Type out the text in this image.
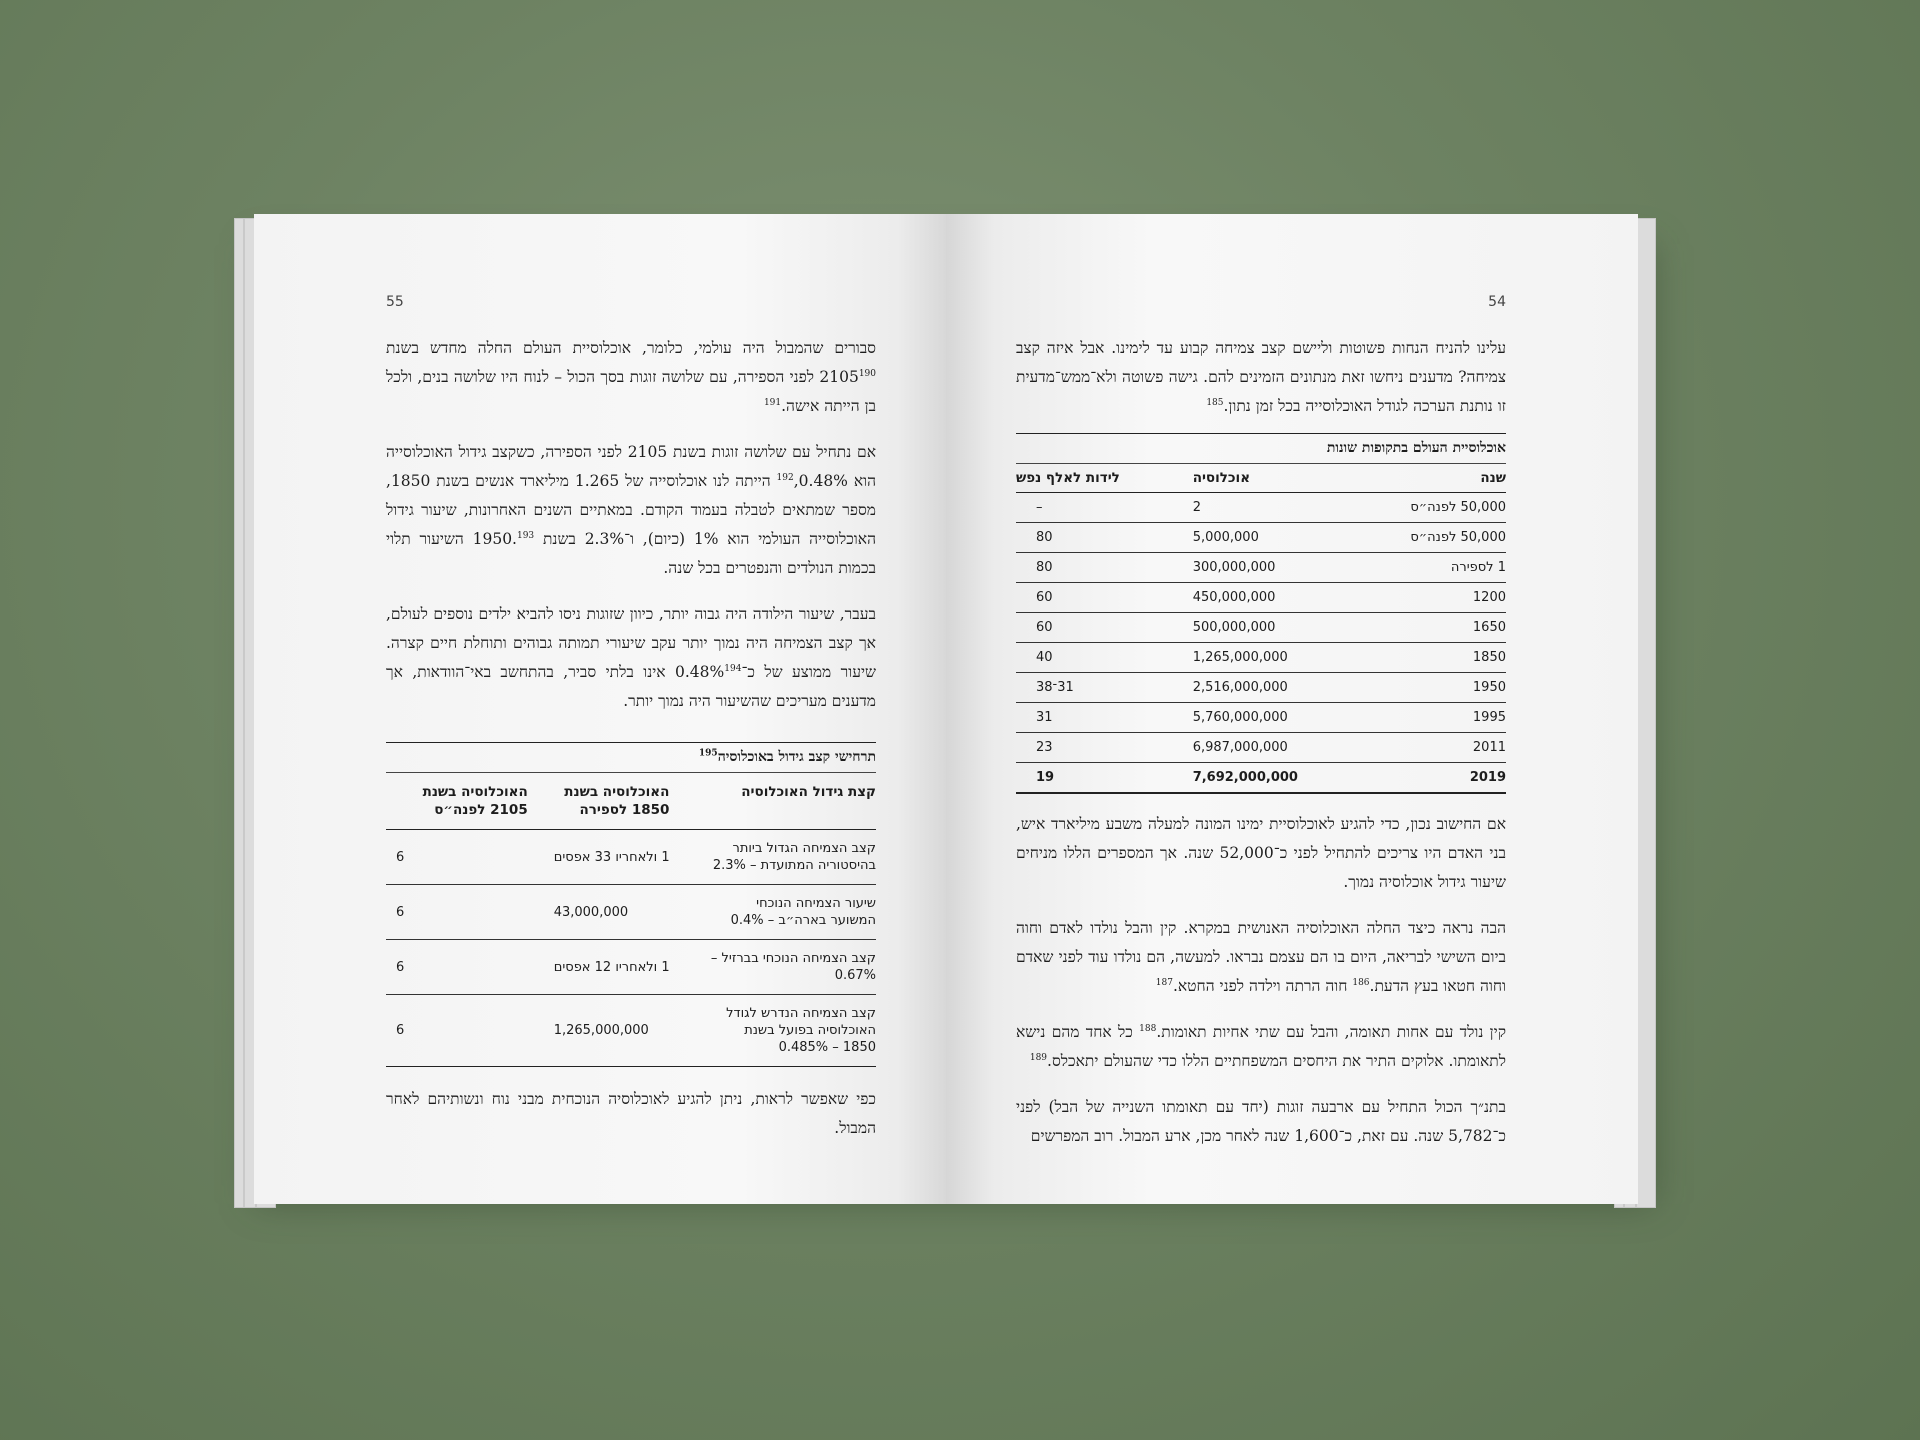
55

סבורים שהמבול היה עולמי, כלומר, אוכלוסיית העולם החלה מחדש בשנת 2105$^{190}$ לפני הספירה, עם שלושה זוגות בסך הכול – לנוח היו שלושה בנים, ולכל בן הייתה אישה.$^{191}$

אם נתחיל עם שלושה זוגות בשנת 2105 לפני הספירה, כשקצב גידול האוכלוסייה הוא 0.48%,$^{192}$ הייתה לנו אוכלוסייה של 1.265 מיליארד אנשים בשנת 1850, מספר שמתאים לטבלה בעמוד הקודם. במאתיים השנים האחרונות, שיעור גידול האוכלוסייה העולמי הוא 1% (כיום), ו־2.3% בשנת 1950.$^{193}$ השיעור תלוי בכמות הנולדים והנפטרים בכל שנה.

בעבר, שיעור הילודה היה גבוה יותר, כיוון שזוגות ניסו להביא ילדים נוספים לעולם, אך קצב הצמיחה היה נמוך יותר עקב שיעורי תמותה גבוהים ותוחלת חיים קצרה. שיעור ממוצע של כ־0.48%$^{194}$ אינו בלתי סביר, בהתחשב באי־הוודאות, אך מדענים מעריכים שהשיעור היה נמוך יותר.

תרחישי קצב גידול באוכלוסיה$^{195}$
קצת גידול האוכלוסיה	האוכלוסיה בשנת 1850 לספירה	האוכלוסיה בשנת 2105 לפנה״ס
קצב הצמיחה הגדול ביותר בהיסטוריה המתועדת – 2.3%	1 ולאחריו 33 אפסים	6
שיעור הצמיחה הנוכחי המשוער בארה״ב – 0.4%	43,000,000	6
קצב הצמיחה הנוכחי בברזיל – 0.67%	1 ולאחריו 12 אפסים	6
קצב הצמיחה הנדרש לגודל האוכלוסיה בפועל בשנת 1850 – 0.485%	1,265,000,000	6

כפי שאפשר לראות, ניתן להגיע לאוכלוסיה הנוכחית מבני נוח ונשותיהם לאחר המבול.

54

עלינו להניח הנחות פשוטות וליישם קצב צמיחה קבוע עד לימינו. אבל איזה קצב צמיחה? מדענים ניחשו זאת מנתונים הזמינים להם. גישה פשוטה ולא־ממש־מדעית זו נותנת הערכה לגודל האוכלוסייה בכל זמן נתון.$^{185}$

אוכלוסיית העולם בתקופות שונות
שנה	אוכלוסיה	לידות לאלף נפש
50,000 לפנה״ס	2	–
50,000 לפנה״ס	5,000,000	80
1 לספירה	300,000,000	80
1200	450,000,000	60
1650	500,000,000	60
1850	1,265,000,000	40
1950	2,516,000,000	31־38
1995	5,760,000,000	31
2011	6,987,000,000	23
2019	7,692,000,000	19

אם החישוב נכון, כדי להגיע לאוכלוסיית ימינו המונה למעלה משבע מיליארד איש, בני האדם היו צריכים להתחיל לפני כ־52,000 שנה. אך המספרים הללו מניחים שיעור גידול אוכלוסיה נמוך.

הבה נראה כיצד החלה האוכלוסיה האנושית במקרא. קין והבל נולדו לאדם וחוה ביום השישי לבריאה, היום בו הם עצמם נבראו. למעשה, הם נולדו עוד לפני שאדם וחוה חטאו בעץ הדעת.$^{186}$ חוה הרתה וילדה לפני החטא.$^{187}$

קין נולד עם אחות תאומה, והבל עם שתי אחיות תאומות.$^{188}$ כל אחד מהם נישא לתאומתו. אלוקים התיר את היחסים המשפחתיים הללו כדי שהעולם יתאכלס.$^{189}$

בתנ״ך הכול התחיל עם ארבעה זוגות (יחד עם תאומתו השנייה של הבל) לפני כ־5,782 שנה. עם זאת, כ־1,600 שנה לאחר מכן, ארע המבול. רוב המפרשים
